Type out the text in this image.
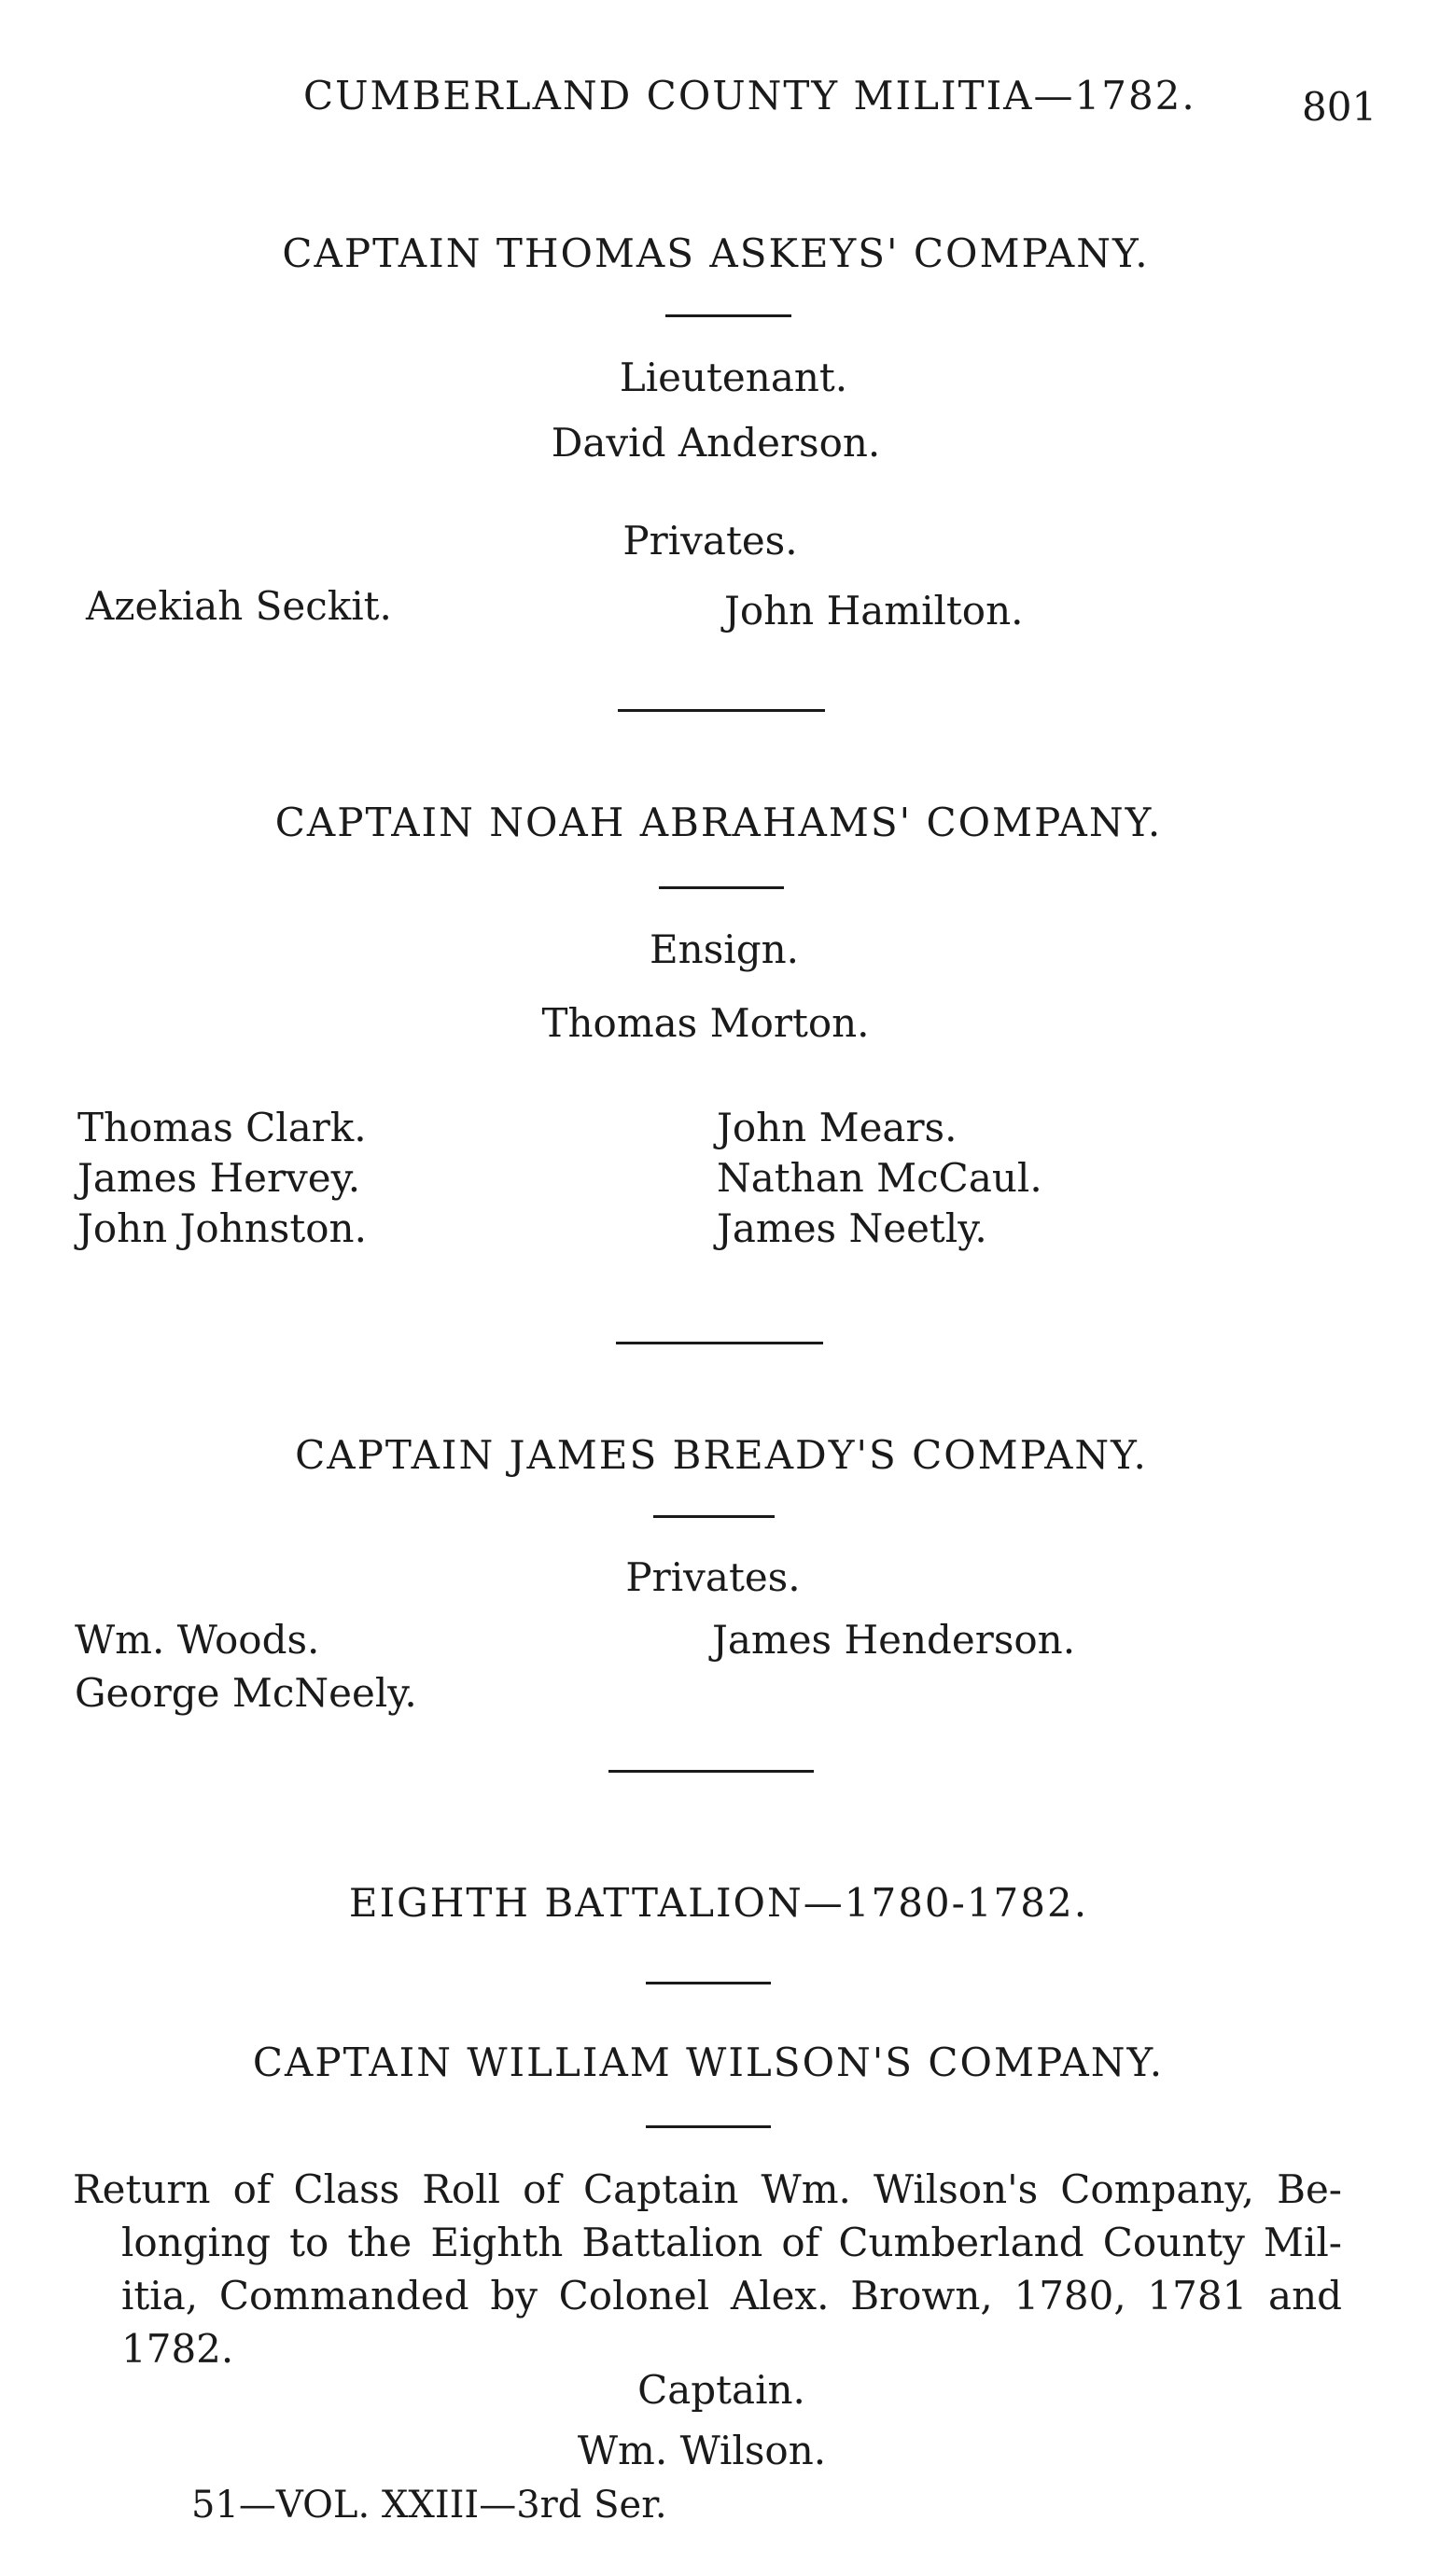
CUMBERLAND COUNTY MILITIA—1782.	801
CAPTAIN THOMAS ASKEYS' COMPANY.
Lieutenant.
David Anderson.
Privates.
Azekiah Seckit.	John Hamilton.
CAPTAIN NOAH ABRAHAMS' COMPANY.
Ensign.
Thomas Morton.
Thomas Clark.
James Hervey.
John Johnston.
John Mears.
Nathan McCaul.
James Neetly.
CAPTAIN JAMES BREADY'S COMPANY.
Privates.
Wm. Woods.
George McNeely.
James Henderson.
EIGHTH BATTALION—1780-1782.
CAPTAIN WILLIAM WILSON'S COMPANY.
Return of Class Roll of Captain Wm. Wilson's Company, Be-
longing to the Eighth Battalion of Cumberland County Mil-
itia, Commanded by Colonel Alex. Brown, 1780, 1781 and 1782.
Captain.
Wm. Wilson.
51—VOL. XXIII—3rd Ser.
